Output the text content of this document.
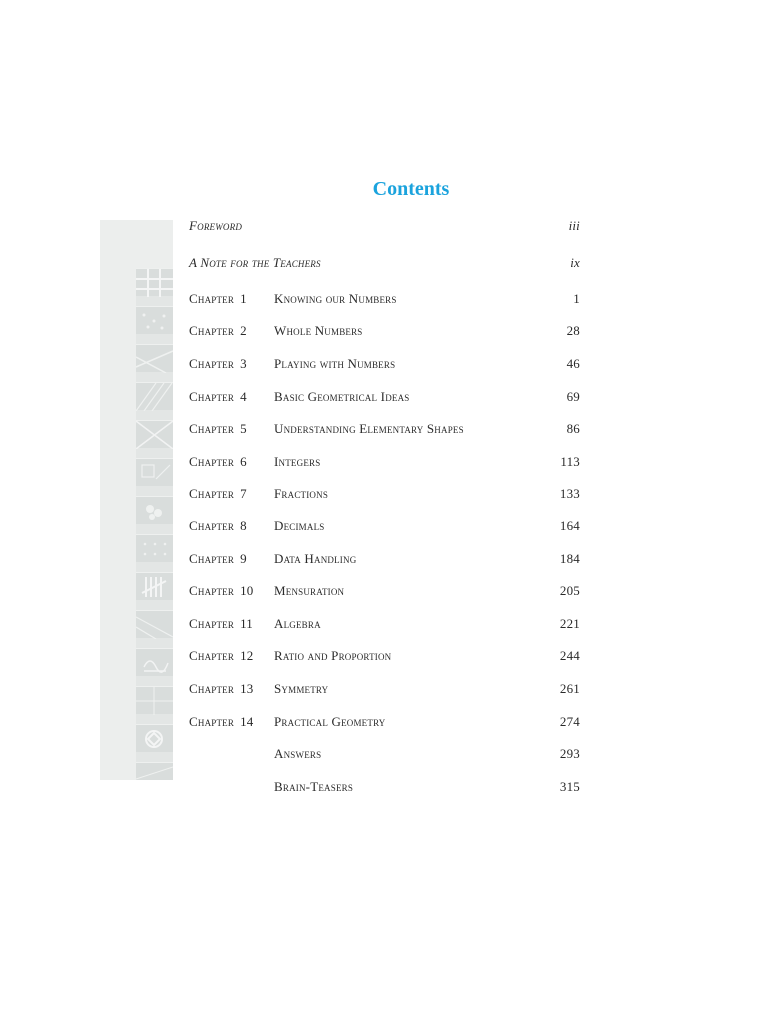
Contents
Foreword	iii
A Note for the Teachers	ix
Chapter 1 Knowing our Numbers	1
Chapter 2 Whole Numbers	28
Chapter 3 Playing with Numbers	46
Chapter 4 Basic Geometrical Ideas	69
Chapter 5 Understanding Elementary Shapes	86
Chapter 6 Integers	113
Chapter 7 Fractions	133
Chapter 8 Decimals	164
Chapter 9 Data Handling	184
Chapter 10 Mensuration	205
Chapter 11 Algebra	221
Chapter 12 Ratio and Proportion	244
Chapter 13 Symmetry	261
Chapter 14 Practical Geometry	274
Answers	293
Brain-Teasers	315
